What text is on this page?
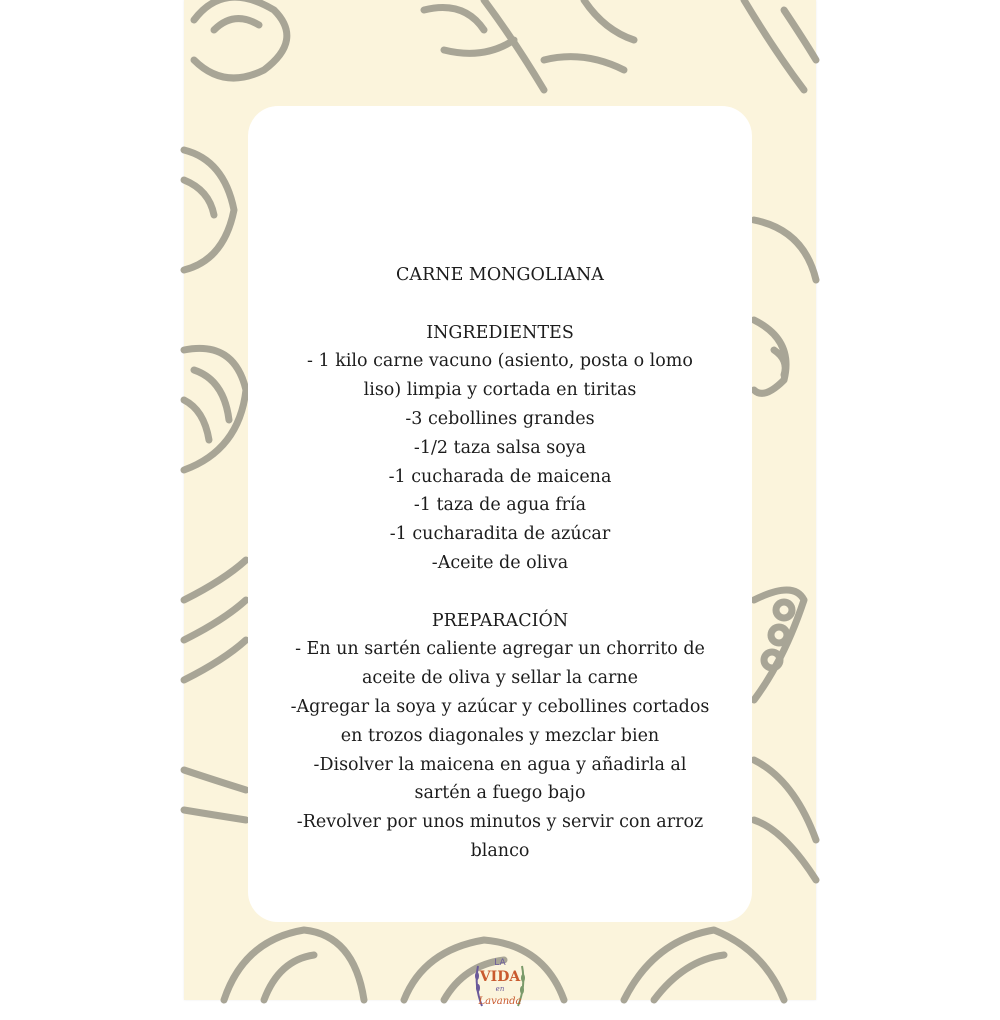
CARNE MONGOLIANA

INGREDIENTES

- 1 kilo carne vacuno (asiento, posta o lomo liso) limpia y cortada en tiritas

-3 cebollines grandes

-1/2 taza salsa soya

-1 cucharada de maicena

-1 taza de agua fría

-1 cucharadita de azúcar

-Aceite de oliva

PREPARACIÓN

- En un sartén caliente agregar un chorrito de aceite de oliva y sellar la carne

-Agregar la soya y azúcar y cebollines cortados en trozos diagonales y mezclar bien

-Disolver la maicena en agua y añadirla al sartén a fuego bajo

-Revolver por unos minutos y servir con arroz blanco

LA
VIDA
en
Lavanda
